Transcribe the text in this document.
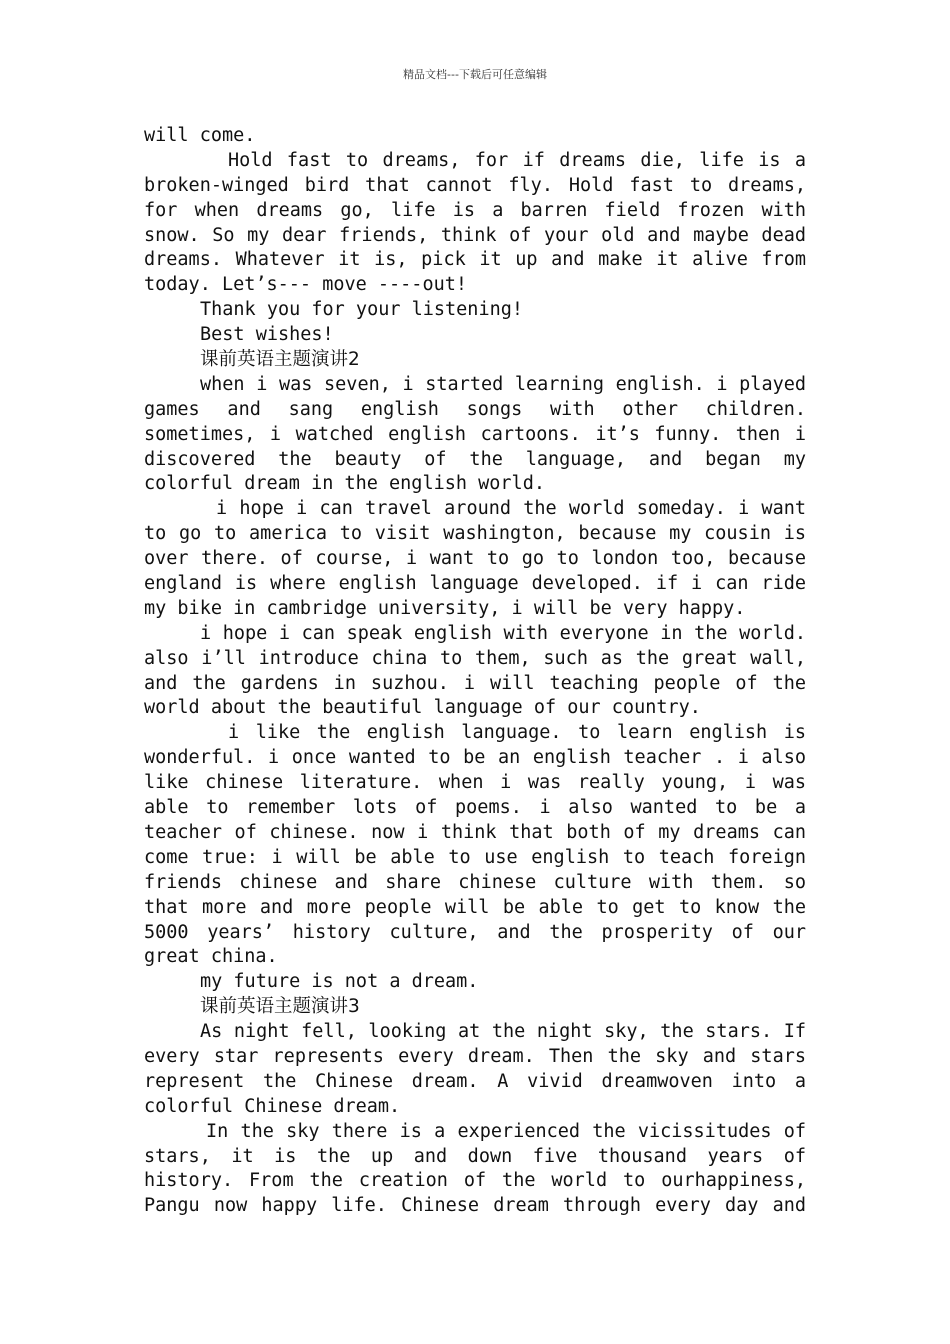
精品文档---下载后可任意编辑
will come.
Hold fast to dreams, for if dreams die, life is a
broken-winged bird that cannot fly. Hold fast to dreams,
for when dreams go, life is a barren field frozen with
snow. So my dear friends, think of your old and maybe dead
dreams. Whatever it is, pick it up and make it alive from
today. Let’s--- move ----out!
Thank you for your listening!
Best wishes!
课前英语主题演讲2
when i was seven, i started learning english. i played
games and sang english songs with other children.
sometimes, i watched english cartoons. it’s funny. then i
discovered the beauty of the language, and began my
colorful dream in the english world.
i hope i can travel around the world someday. i want
to go to america to visit washington, because my cousin is
over there. of course, i want to go to london too, because
england is where english language developed. if i can ride
my bike in cambridge university, i will be very happy.
i hope i can speak english with everyone in the world.
also i’ll introduce china to them, such as the great wall,
and the gardens in suzhou. i will teaching people of the
world about the beautiful language of our country.
i like the english language. to learn english is
wonderful. i once wanted to be an english teacher . i also
like chinese literature. when i was really young, i was
able to remember lots of poems. i also wanted to be a
teacher of chinese. now i think that both of my dreams can
come true: i will be able to use english to teach foreign
friends chinese and share chinese culture with them. so
that more and more people will be able to get to know the
5000 years’ history culture, and the prosperity of our
great china.
my future is not a dream.
课前英语主题演讲3
As night fell, looking at the night sky, the stars. If
every star represents every dream. Then the sky and stars
represent the Chinese dream. A vivid dreamwoven into a
colorful Chinese dream.
In the sky there is a experienced the vicissitudes of
stars, it is the up and down five thousand years of
history. From the creation of the world to ourhappiness,
Pangu now happy life. Chinese dream through every day and
